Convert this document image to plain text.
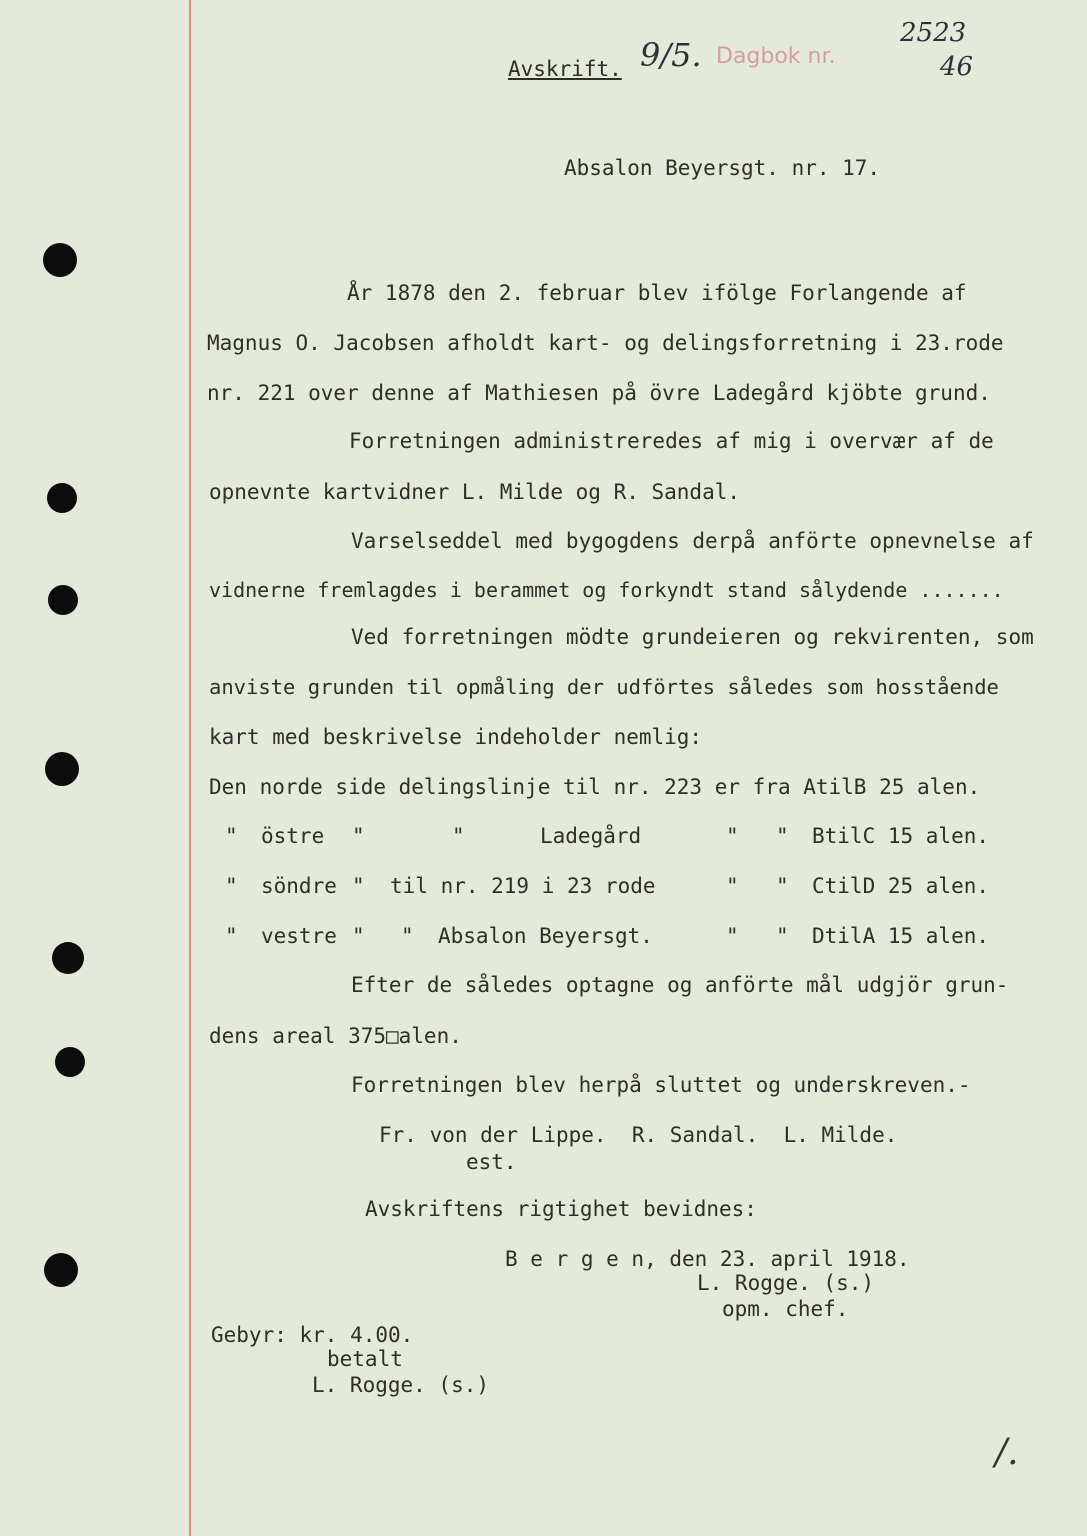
Avskrift. 9/5. Dagbok nr.
2523
46
Absalon Beyersgt. nr. 17.
År 1878 den 2. februar blev ifölge Forlangende af
Magnus O. Jacobsen afholdt kart- og delingsforretning i 23.rode
nr. 221 over denne af Mathiesen på övre Ladegård kjöbte grund.
Forretningen administreredes af mig i overvær af de
opnevnte kartvidner L. Milde og R. Sandal.
Varselseddel med bygogdens derpå anförte opnevnelse af
vidnerne fremlagdes i berammet og forkyndt stand sålydende .......
Ved forretningen mödte grundeieren og rekvirenten, som
anviste grunden til opmåling der udförtes således som hosstående
kart med beskrivelse indeholder nemlig:
Den norde side delingslinje til nr. 223 er fra AtilB 25 alen.
" östre "	"	Ladegård	" " BtilC 15 alen.
" söndre " til nr. 219 i 23 rode	" " CtilD 25 alen.
" vestre " " Absalon Beyersgt.	" " DtilA 15 alen.
Efter de således optagne og anförte mål udgjör grun-
dens areal 375□alen.
Forretningen blev herpå sluttet og underskreven.-
Fr. von der Lippe.  R. Sandal.  L. Milde.
est.
Avskriftens rigtighet bevidnes:
B e r g e n, den 23. april 1918.
L. Rogge. (s.)
opm. chef.
Gebyr: kr. 4.00.
betalt
L. Rogge. (s.)
/.
